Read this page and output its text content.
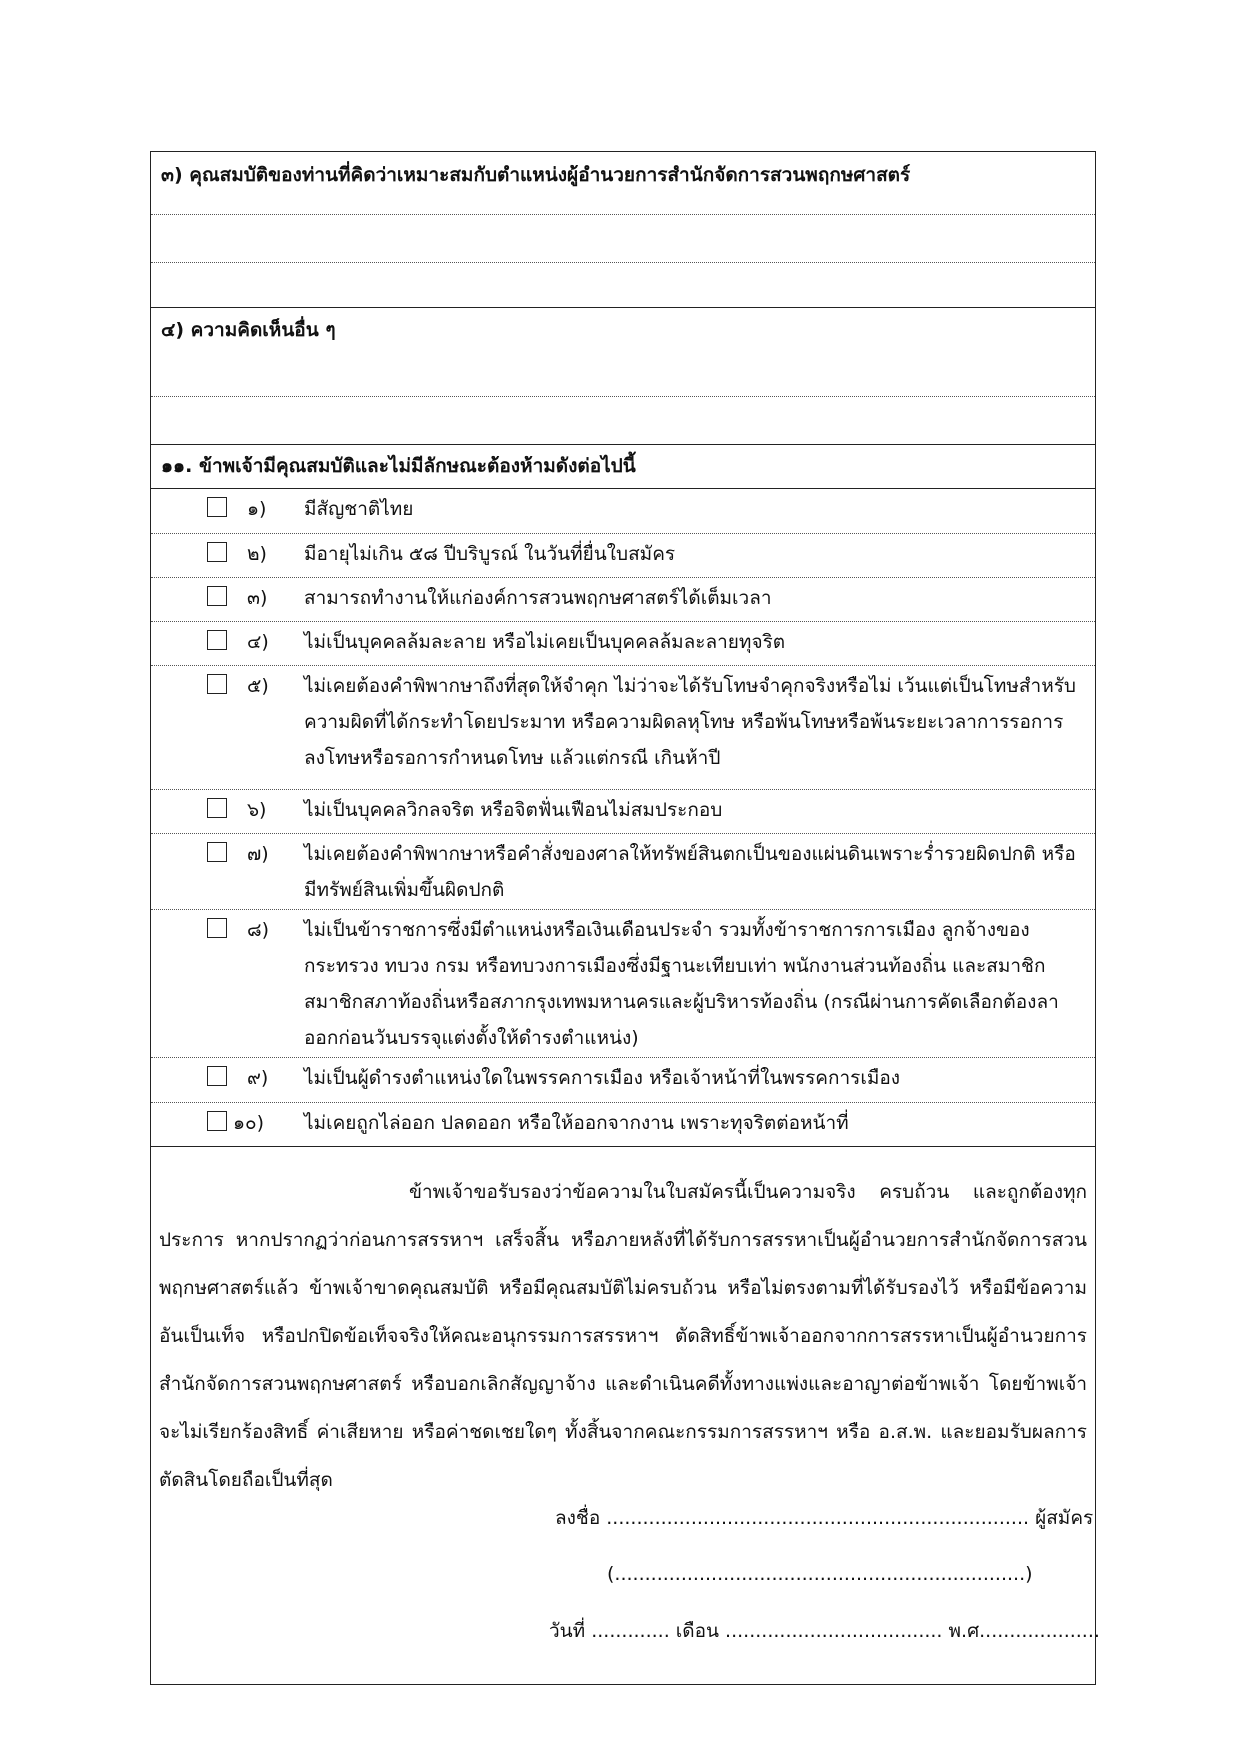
๓) คุณสมบัติของท่านที่คิดว่าเหมาะสมกับตำแหน่งผู้อำนวยการสำนักจัดการสวนพฤกษศาสตร์
๔) ความคิดเห็นอื่น ๆ
๑๑. ข้าพเจ้ามีคุณสมบัติและไม่มีลักษณะต้องห้ามดังต่อไปนี้
๑) มีสัญชาติไทย
๒) มีอายุไม่เกิน ๕๘ ปีบริบูรณ์ ในวันที่ยื่นใบสมัคร
๓) สามารถทำงานให้แก่องค์การสวนพฤกษศาสตร์ได้เต็มเวลา
๔) ไม่เป็นบุคคลล้มละลาย หรือไม่เคยเป็นบุคคลล้มละลายทุจริต
๕) ไม่เคยต้องคำพิพากษาถึงที่สุดให้จำคุก ไม่ว่าจะได้รับโทษจำคุกจริงหรือไม่ เว้นแต่เป็นโทษสำหรับความผิดที่ได้กระทำโดยประมาท หรือความผิดลหุโทษ หรือพ้นโทษหรือพ้นระยะเวลาการรอการลงโทษหรือรอการกำหนดโทษ แล้วแต่กรณี เกินห้าปี
๖) ไม่เป็นบุคคลวิกลจริต หรือจิตฟั่นเฟือนไม่สมประกอบ
๗) ไม่เคยต้องคำพิพากษาหรือคำสั่งของศาลให้ทรัพย์สินตกเป็นของแผ่นดินเพราะร่ำรวยผิดปกติ หรือมีทรัพย์สินเพิ่มขึ้นผิดปกติ
๘) ไม่เป็นข้าราชการซึ่งมีตำแหน่งหรือเงินเดือนประจำ รวมทั้งข้าราชการการเมือง ลูกจ้างของกระทรวง ทบวง กรม หรือทบวงการเมืองซึ่งมีฐานะเทียบเท่า พนักงานส่วนท้องถิ่น และสมาชิก สมาชิกสภาท้องถิ่นหรือสภากรุงเทพมหานครและผู้บริหารท้องถิ่น (กรณีผ่านการคัดเลือกต้องลาออกก่อนวันบรรจุแต่งตั้งให้ดำรงตำแหน่ง)
๙) ไม่เป็นผู้ดำรงตำแหน่งใดในพรรคการเมือง หรือเจ้าหน้าที่ในพรรคการเมือง
๑๐) ไม่เคยถูกไล่ออก ปลดออก หรือให้ออกจากงาน เพราะทุจริตต่อหน้าที่
ข้าพเจ้าขอรับรองว่าข้อความในใบสมัครนี้เป็นความจริง ครบถ้วน และถูกต้องทุกประการ หากปรากฏว่าก่อนการสรรหาฯ เสร็จสิ้น หรือภายหลังที่ได้รับการสรรหาเป็นผู้อำนวยการสำนักจัดการสวนพฤกษศาสตร์แล้ว ข้าพเจ้าขาดคุณสมบัติ หรือมีคุณสมบัติไม่ครบถ้วน หรือไม่ตรงตามที่ได้รับรองไว้ หรือมีข้อความอันเป็นเท็จ หรือปกปิดข้อเท็จจริงให้คณะอนุกรรมการสรรหาฯ ตัดสิทธิ์ข้าพเจ้าออกจากการสรรหาเป็นผู้อำนวยการสำนักจัดการสวนพฤกษศาสตร์ หรือบอกเลิกสัญญาจ้าง และดำเนินคดีทั้งทางแพ่งและอาญาต่อข้าพเจ้า โดยข้าพเจ้าจะไม่เรียกร้องสิทธิ์ ค่าเสียหาย หรือค่าชดเชยใดๆ ทั้งสิ้นจากคณะกรรมการสรรหาฯ หรือ อ.ส.พ. และยอมรับผลการตัดสินโดยถือเป็นที่สุด
ลงชื่อ ...................................................................... ผู้สมัคร
(....................................................................)
วันที่ ............. เดือน .................................... พ.ศ....................
